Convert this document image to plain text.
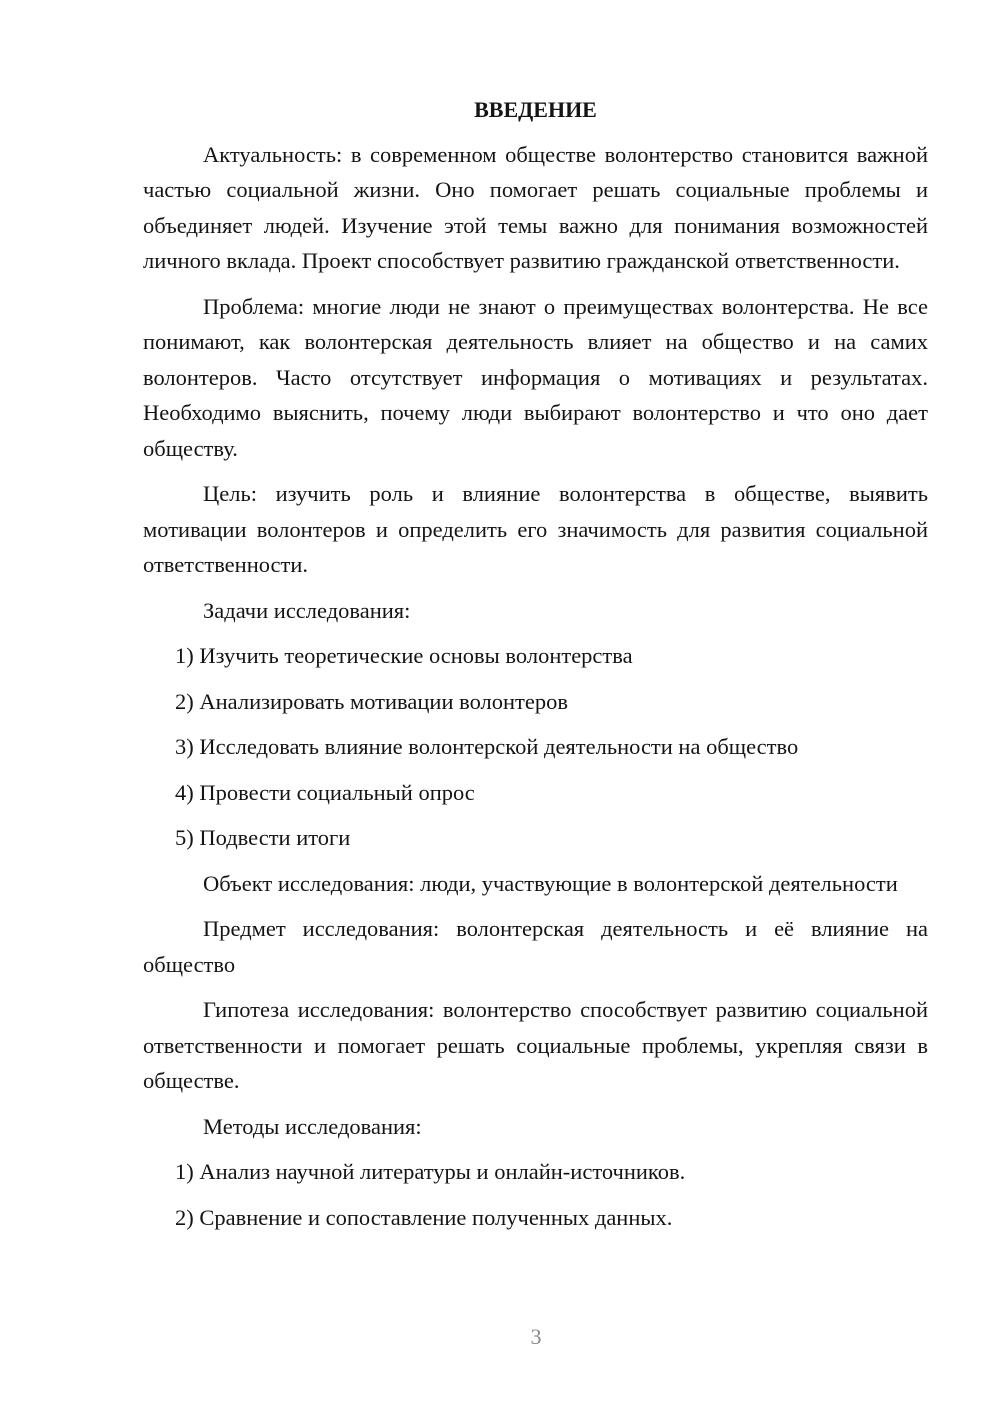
ВВЕДЕНИЕ

Актуальность: в современном обществе волонтерство становится важной частью социальной жизни. Оно помогает решать социальные проблемы и объединяет людей. Изучение этой темы важно для понимания возможностей личного вклада. Проект способствует развитию гражданской ответственности.

Проблема: многие люди не знают о преимуществах волонтерства. Не все понимают, как волонтерская деятельность влияет на общество и на самих волонтеров. Часто отсутствует информация о мотивациях и результатах. Необходимо выяснить, почему люди выбирают волонтерство и что оно дает обществу.

Цель: изучить роль и влияние волонтерства в обществе, выявить мотивации волонтеров и определить его значимость для развития социальной ответственности.

Задачи исследования:

1) Изучить теоретические основы волонтерства

2) Анализировать мотивации волонтеров

3) Исследовать влияние волонтерской деятельности на общество

4) Провести социальный опрос

5) Подвести итоги

Объект исследования: люди, участвующие в волонтерской деятельности

Предмет исследования: волонтерская деятельность и её влияние на общество

Гипотеза исследования: волонтерство способствует развитию социальной ответственности и помогает решать социальные проблемы, укрепляя связи в обществе.

Методы исследования:

1) Анализ научной литературы и онлайн-источников.

2) Сравнение и сопоставление полученных данных.

3
